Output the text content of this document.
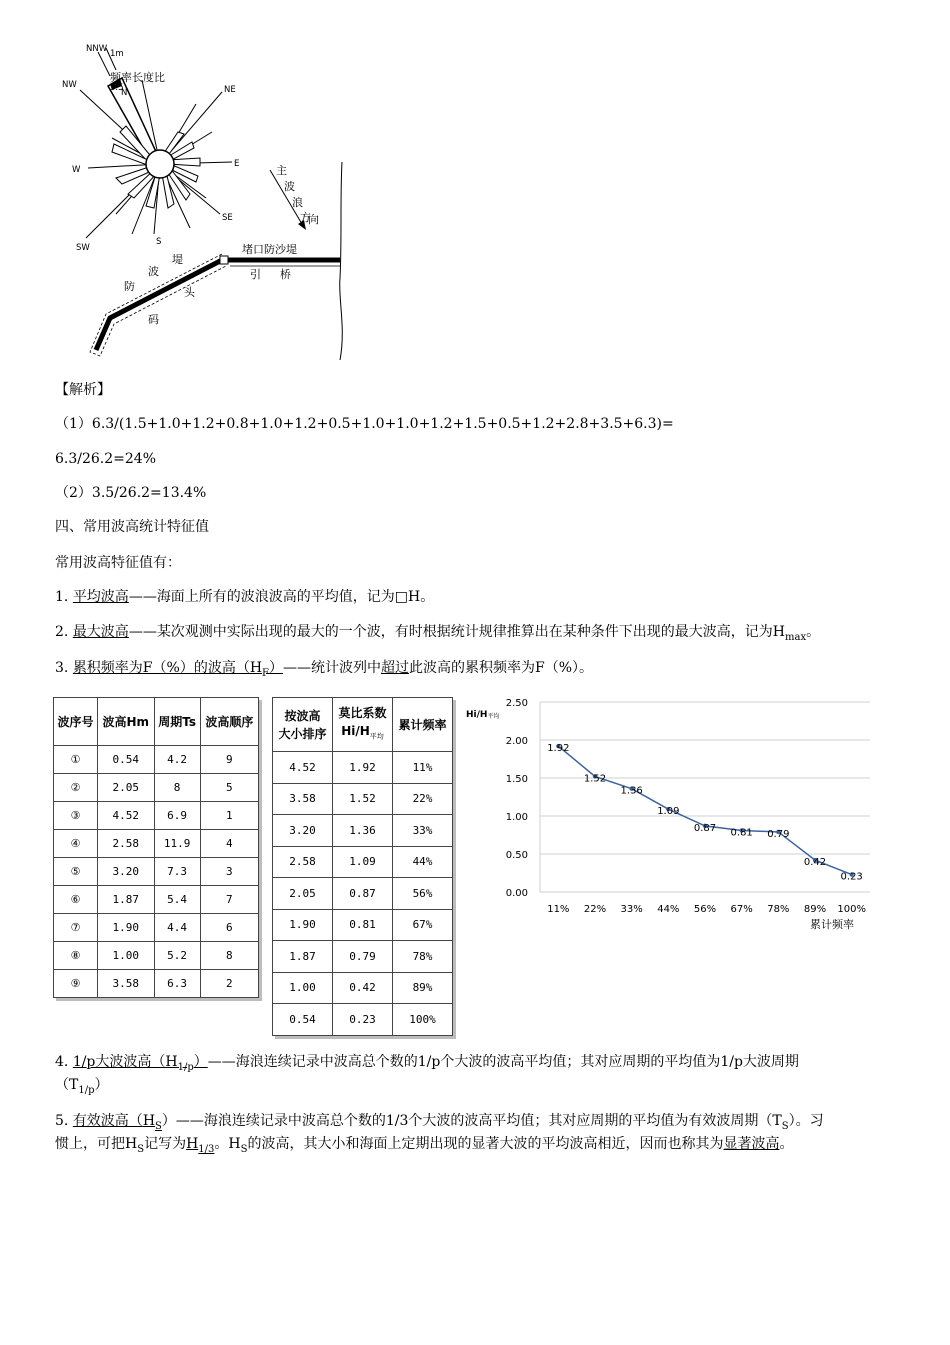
NNW 1m
3.5
N
NW	NE
W
E
SW
S
SE
频率长度比
主
波
浪
方
向
堵口防沙堤
引 桥
防
波
堤
头
码
【解析】
（1）6.3/(1.5+1.0+1.2+0.8+1.0+1.2+0.5+1.0+1.0+1.2+1.5+0.5+1.2+2.8+3.5+6.3)=
6.3/26.2=24%
（2）3.5/26.2=13.4%
四、常用波高统计特征值
常用波高特征值有：
1. 平均波高——海面上所有的波浪波高的平均值，记为□H。
2. 最大波高——某次观测中实际出现的最大的一个波，有时根据统计规律推算出在某种条件下出现的最大波高，记为$H_{max}$。
3. 累积频率为F（%）的波高$(H_F)——$统计波列中超过此波高的累积频率为F（%）。
波序号	波高Hm	周期Ts	波高顺序
①	0.54	4.2	9
②	2.05	8	5
③	4.52	6.9	1
④	2.58	11.9	4
⑤	3.20	7.3	3
⑥	1.87	5.4	7
⑦	1.90	4.4	6
⑧	1.00	5.2	8
⑨	3.58	6.3	2
按波高
大小排序	莫比系数
$Hi/H_{平均}$	累计频率
4.52	1.92	11%
3.58	1.52	22%
3.20	1.36	33%
2.58	1.09	44%
2.05	0.87	56%
1.90	0.81	67%
1.87	0.79	78%
1.00	0.42	89%
0.54	0.23	100%
0.00
0.50
1.00
1.50
2.00
2.50
1.92
1.52
1.36
1.09
0.87 0.81 0.79
0.42
0.23
11% 22% 33% 44% 56% 67% 78% 89% 100%
Hi/H平均
累计频率
4. 1/p大波波高$(H_{1/p})——$海浪连续记录中波高总个数的1/p个大波的波高平均值；其对应周期的平均值为1/p大波周期
$(T_{1/p})$
5. 有效波高$(H_S)——$海浪连续记录中波高总个数的1/3个大波的波高平均值；其对应周期的平均值为有效波周期$(T_S)$。习
惯上，可把$H_S$记写为$H_{1/3}$。$H_S$的波高，其大小和海面上定期出现的显著大波的平均波高相近，因而也称其为显著波高。
